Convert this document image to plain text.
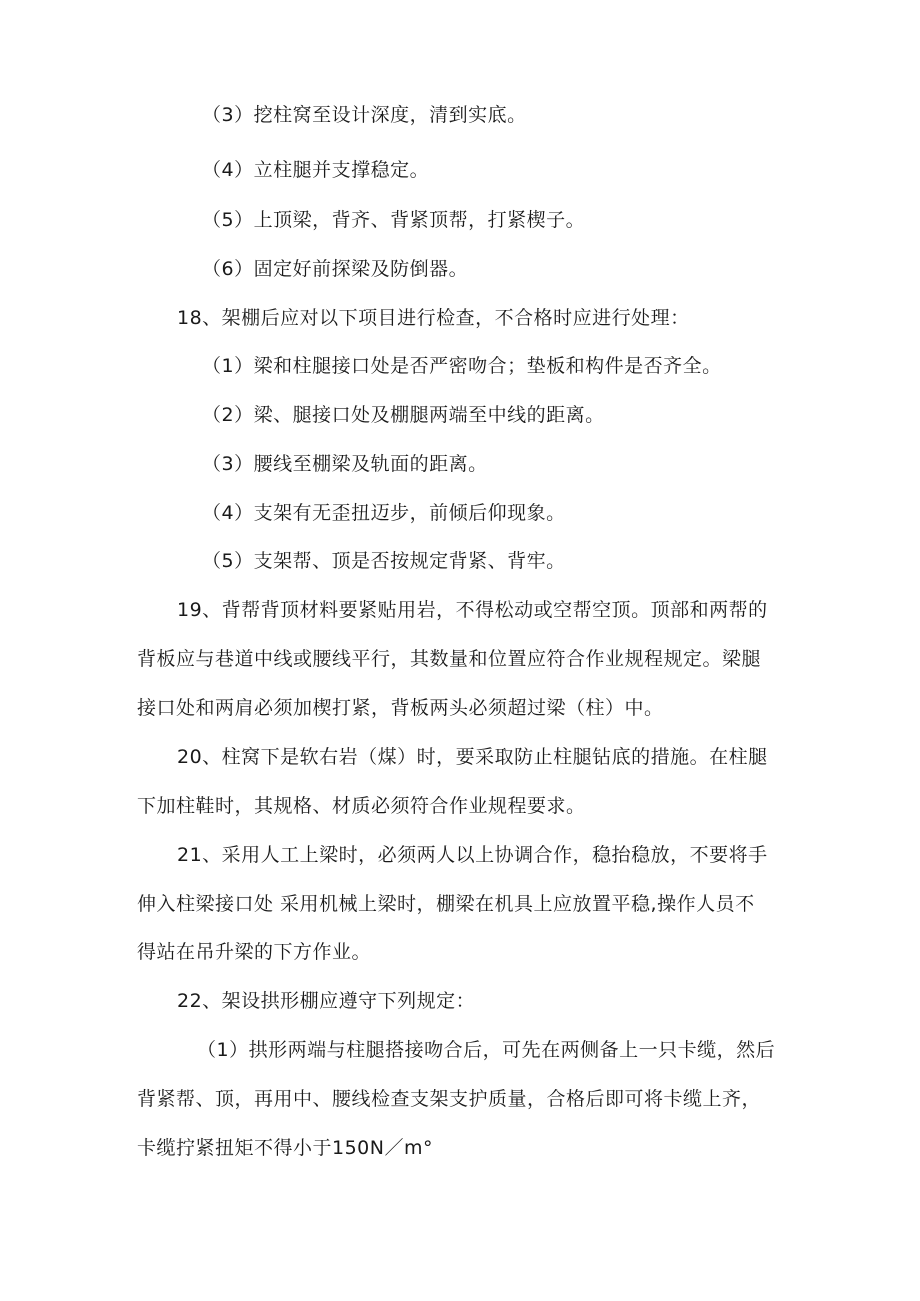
（3）挖柱窝至设计深度，清到实底。
（4）立柱腿并支撑稳定。
（5）上顶梁，背齐、背紧顶帮，打紧楔子。
（6）固定好前探梁及防倒器。
18、架棚后应对以下项目进行检查，不合格时应进行处理：
（1）梁和柱腿接口处是否严密吻合；垫板和构件是否齐全。
（2）梁、腿接口处及棚腿两端至中线的距离。
（3）腰线至棚梁及轨面的距离。
（4）支架有无歪扭迈步，前倾后仰现象。
（5）支架帮、顶是否按规定背紧、背牢。
19、背帮背顶材料要紧贴用岩，不得松动或空帮空顶。顶部和两帮的
背板应与巷道中线或腰线平行，其数量和位置应符合作业规程规定。梁腿
接口处和两肩必须加楔打紧，背板两头必须超过梁（柱）中。
20、柱窝下是软右岩（煤）时，要采取防止柱腿钻底的措施。在柱腿
下加柱鞋时，其规格、材质必须符合作业规程要求。
21、采用人工上梁时，必须两人以上协调合作，稳抬稳放，不要将手
伸入柱梁接口处 采用机械上梁时，棚梁在机具上应放置平稳,操作人员不
得站在吊升梁的下方作业。
22、架设拱形棚应遵守下列规定：
（1）拱形两端与柱腿搭接吻合后，可先在两侧备上一只卡缆，然后
背紧帮、顶，再用中、腰线检查支架支护质量，合格后即可将卡缆上齐，
卡缆拧紧扭矩不得小于150N／m°
